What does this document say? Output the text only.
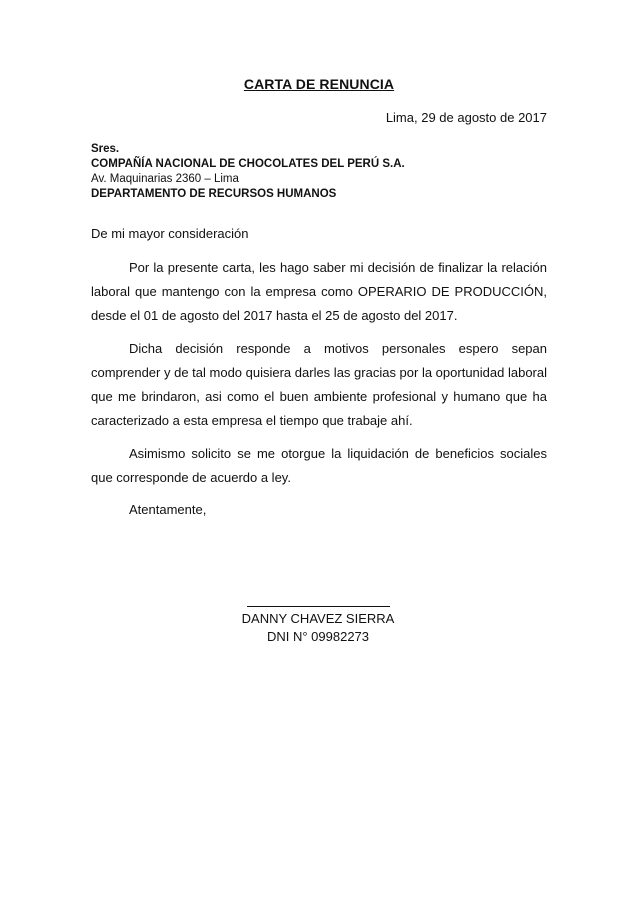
CARTA DE RENUNCIA
Lima, 29 de agosto de 2017
Sres.
COMPAÑÍA NACIONAL DE CHOCOLATES DEL PERÚ S.A.
Av. Maquinarias 2360 – Lima
DEPARTAMENTO DE RECURSOS HUMANOS
De mi mayor consideración
Por la presente carta, les hago saber mi decisión de finalizar la relación laboral que mantengo con la empresa como OPERARIO DE PRODUCCIÓN, desde el 01 de agosto del 2017 hasta el 25 de agosto del 2017.
Dicha decisión responde a motivos personales espero sepan comprender y de tal modo quisiera darles las gracias por la oportunidad laboral que me brindaron, asi como el buen ambiente profesional y humano que ha caracterizado a esta empresa el tiempo que trabaje ahí.
Asimismo solicito se me otorgue la liquidación de beneficios sociales que corresponde de acuerdo a ley.
Atentamente,
DANNY CHAVEZ SIERRA
DNI N° 09982273
